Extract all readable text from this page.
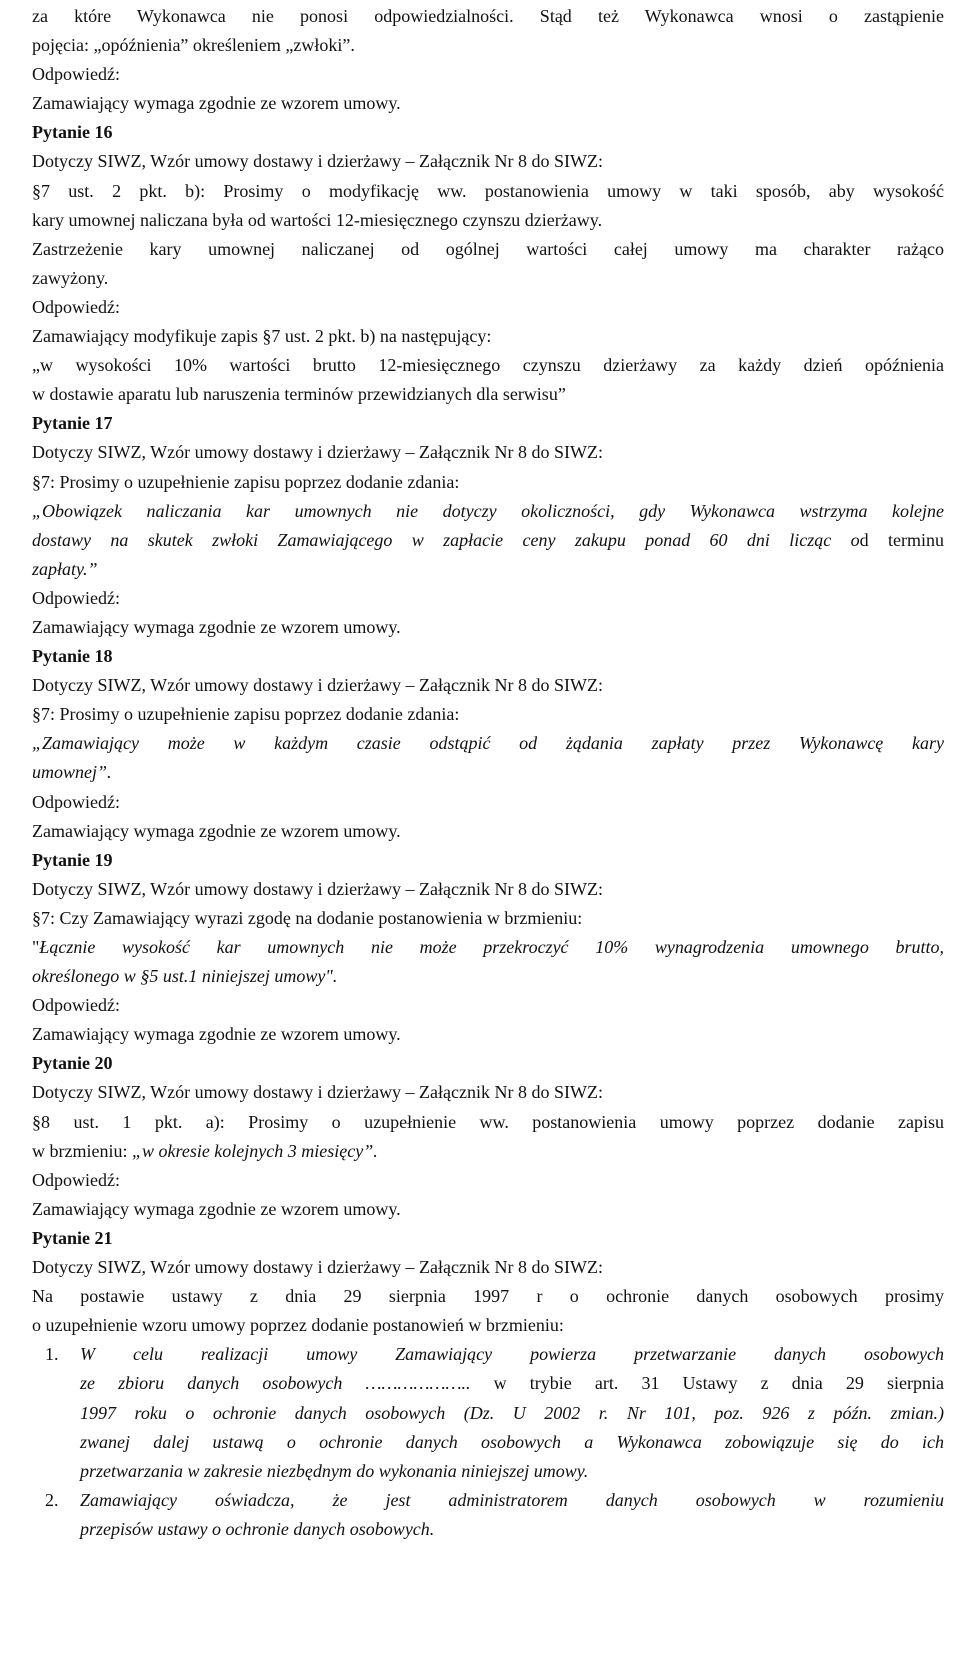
za które Wykonawca nie ponosi odpowiedzialności. Stąd też Wykonawca wnosi o zastąpienie

pojęcia: „opóźnienia” określeniem „zwłoki”.

Odpowiedź:

Zamawiający wymaga zgodnie ze wzorem umowy.

Pytanie 16

Dotyczy SIWZ, Wzór umowy dostawy i dzierżawy – Załącznik Nr 8 do SIWZ:

§7 ust. 2 pkt. b): Prosimy o modyfikację ww. postanowienia umowy w taki sposób, aby wysokość

kary umownej naliczana była od wartości 12-miesięcznego czynszu dzierżawy.

Zastrzeżenie kary umownej naliczanej od ogólnej wartości całej umowy ma charakter rażąco

zawyżony.

Odpowiedź:

Zamawiający modyfikuje zapis §7 ust. 2 pkt. b) na następujący:

„w wysokości 10% wartości brutto 12-miesięcznego czynszu dzierżawy za każdy dzień opóźnienia

w dostawie aparatu lub naruszenia terminów przewidzianych dla serwisu”

Pytanie 17

Dotyczy SIWZ, Wzór umowy dostawy i dzierżawy – Załącznik Nr 8 do SIWZ:

§7: Prosimy o uzupełnienie zapisu poprzez dodanie zdania:

„Obowiązek naliczania kar umownych nie dotyczy okoliczności, gdy Wykonawca wstrzyma kolejne

dostawy na skutek zwłoki Zamawiającego w zapłacie ceny zakupu ponad 60 dni licząc od terminu

zapłaty.”

Odpowiedź:

Zamawiający wymaga zgodnie ze wzorem umowy.

Pytanie 18

Dotyczy SIWZ, Wzór umowy dostawy i dzierżawy – Załącznik Nr 8 do SIWZ:

§7: Prosimy o uzupełnienie zapisu poprzez dodanie zdania:

„Zamawiający może w każdym czasie odstąpić od żądania zapłaty przez Wykonawcę kary

umownej”.

Odpowiedź:

Zamawiający wymaga zgodnie ze wzorem umowy.

Pytanie 19

Dotyczy SIWZ, Wzór umowy dostawy i dzierżawy – Załącznik Nr 8 do SIWZ:

§7: Czy Zamawiający wyrazi zgodę na dodanie postanowienia w brzmieniu:

"Łącznie wysokość kar umownych nie może przekroczyć 10% wynagrodzenia umownego brutto,

określonego w §5 ust.1 niniejszej umowy".

Odpowiedź:

Zamawiający wymaga zgodnie ze wzorem umowy.

Pytanie 20

Dotyczy SIWZ, Wzór umowy dostawy i dzierżawy – Załącznik Nr 8 do SIWZ:

§8 ust. 1 pkt. a): Prosimy o uzupełnienie ww. postanowienia umowy poprzez dodanie zapisu

w brzmieniu: „w okresie kolejnych 3 miesięcy”.

Odpowiedź:

Zamawiający wymaga zgodnie ze wzorem umowy.

Pytanie 21

Dotyczy SIWZ, Wzór umowy dostawy i dzierżawy – Załącznik Nr 8 do SIWZ:

Na postawie ustawy z dnia 29 sierpnia 1997 r o ochronie danych osobowych prosimy

o uzupełnienie wzoru umowy poprzez dodanie postanowień w brzmieniu:

1. W celu realizacji umowy Zamawiający powierza przetwarzanie danych osobowych

ze zbioru danych osobowych ……………….. w trybie art. 31 Ustawy z dnia 29 sierpnia

1997 roku o ochronie danych osobowych (Dz. U 2002 r. Nr 101, poz. 926 z późn. zmian.)

zwanej dalej ustawą o ochronie danych osobowych a Wykonawca zobowiązuje się do ich

przetwarzania w zakresie niezbędnym do wykonania niniejszej umowy.

2. Zamawiający oświadcza, że jest administratorem danych osobowych w rozumieniu

przepisów ustawy o ochronie danych osobowych.
